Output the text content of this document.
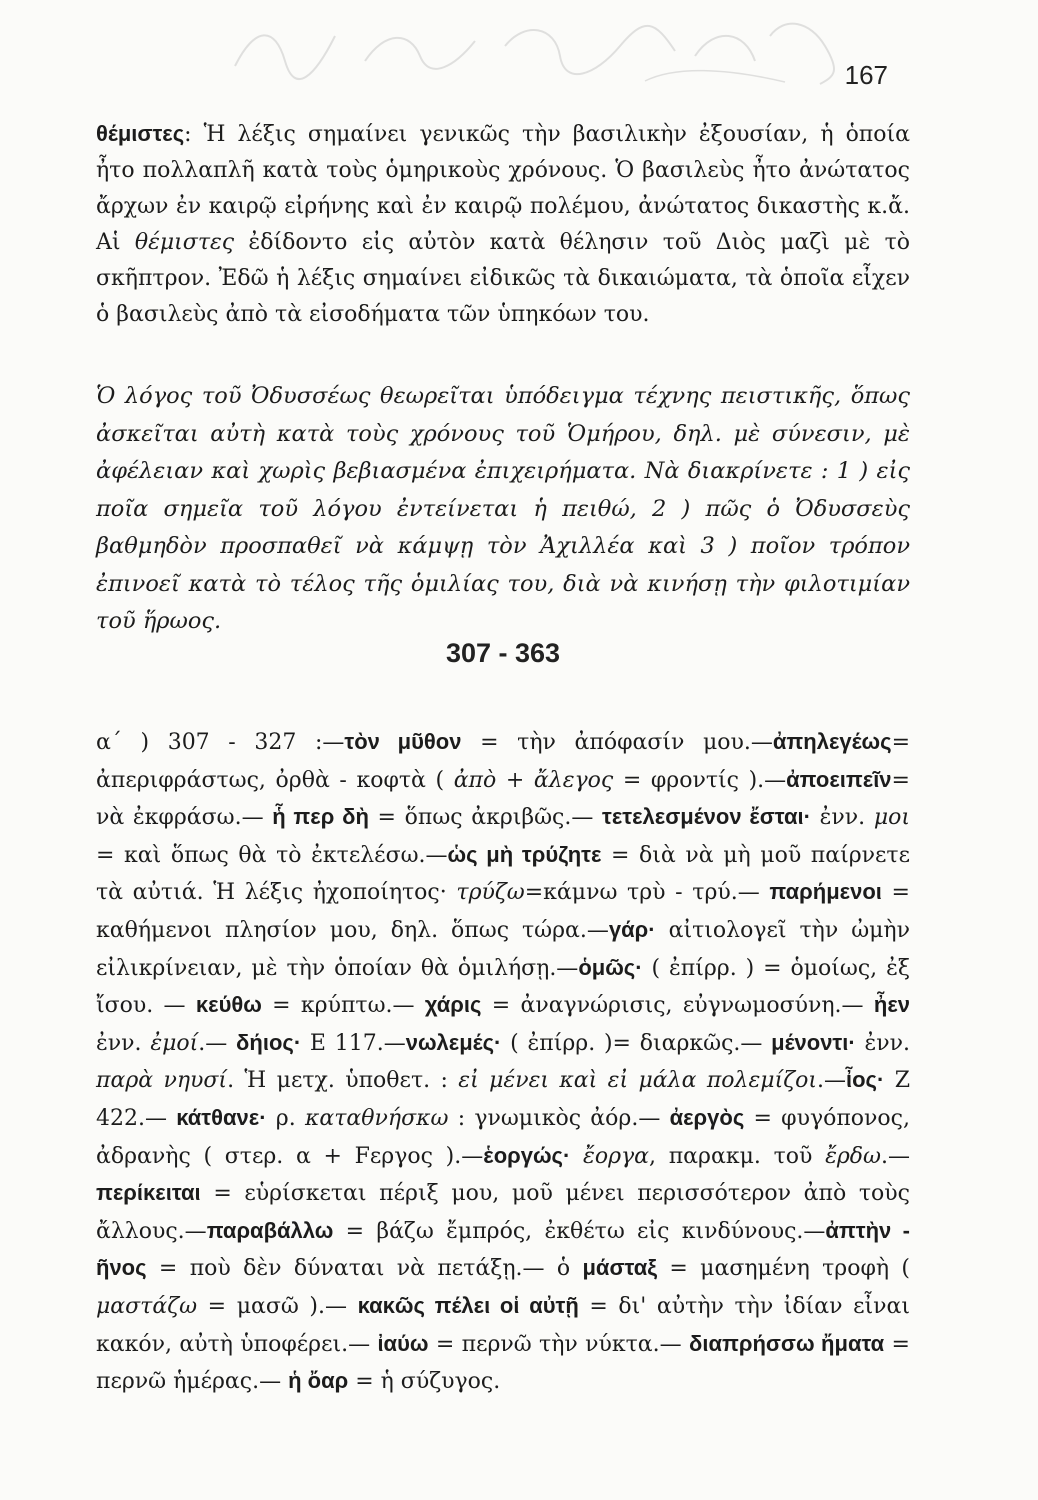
167
θέμιστες: Ἡ λέξις σημαίνει γενικῶς τὴν βασιλικὴν ἐξουσίαν, ἡ ὁποία ἦτο πολλαπλῆ κατὰ τοὺς ὁμηρικοὺς χρόνους. Ὁ βασιλεὺς ἦτο ἀνώτατος ἄρχων ἐν καιρῷ εἰρήνης καὶ ἐν καιρῷ πολέμου, ἀνώτατος δικαστὴς κ.ἄ. Αἱ θέμιστες ἐδίδοντο εἰς αὐτὸν κατὰ θέλησιν τοῦ Διὸς μαζὶ μὲ τὸ σκῆπτρον. Ἐδῶ ἡ λέξις σημαίνει εἰδικῶς τὰ δικαιώματα, τὰ ὁποῖα εἶχεν ὁ βασιλεὺς ἀπὸ τὰ εἰσοδήματα τῶν ὑπηκόων του.
Ὁ λόγος τοῦ Ὀδυσσέως θεωρεῖται ὑπόδειγμα τέχνης πειστικῆς, ὅπως ἀσκεῖται αὐτὴ κατὰ τοὺς χρόνους τοῦ Ὁμήρου, δηλ. μὲ σύνεσιν, μὲ ἀφέλειαν καὶ χωρὶς βεβιασμένα ἐπιχειρήματα. Νὰ διακρίνετε : 1 ) εἰς ποῖα σημεῖα τοῦ λόγου ἐντείνεται ἡ πειθώ, 2 ) πῶς ὁ Ὀδυσσεὺς βαθμηδὸν προσπαθεῖ νὰ κάμψῃ τὸν Ἀχιλλέα καὶ 3 ) ποῖον τρόπον ἐπινοεῖ κατὰ τὸ τέλος τῆς ὁμιλίας του, διὰ νὰ κινήσῃ τὴν φιλοτιμίαν τοῦ ἥρωος.
307 - 363
α΄ ) 307 - 327 :—τὸν μῦθον = τὴν ἀπόφασίν μου.—ἀπηλεγέως= ἀπεριφράστως, ὀρθὰ - κοφτὰ ( ἀπὸ + ἄλεγος = φροντίς ).—ἀποειπεῖν= νὰ ἐκφράσω.— ἧ περ δὴ = ὅπως ἀκριβῶς.— τετελεσμένον ἔσται· ἐνν. μοι = καὶ ὅπως θὰ τὸ ἐκτελέσω.—ὡς μὴ τρύζητε = διὰ νὰ μὴ μοῦ παίρνετε τὰ αὐτιά. Ἡ λέξις ἠχοποίητος· τρύζω=κάμνω τρὺ - τρύ.— παρήμενοι = καθήμενοι πλησίον μου, δηλ. ὅπως τώρα.—γάρ· αἰτιολογεῖ τὴν ὠμὴν εἰλικρίνειαν, μὲ τὴν ὁποίαν θὰ ὁμιλήσῃ.—ὁμῶς· ( ἐπίρρ. ) = ὁμοίως, ἐξ ἴσου. — κεύθω = κρύπτω.— χάρις = ἀναγνώρισις, εὐγνωμοσύνη.— ἦεν ἐνν. ἐμοί.— δήιος· Ε 117.—νωλεμές· ( ἐπίρρ. )= διαρκῶς.— μένοντι· ἐνν. παρὰ νηυσί. Ἡ μετχ. ὑποθετ. : εἰ μένει καὶ εἰ μάλα πολεμίζοι.—ἶος· Ζ 422.— κάτθανε· ρ. καταθνήσκω : γνωμικὸς ἀόρ.— ἀεργὸς = φυγόπονος, ἀδρανὴς ( στερ. α + Fεργος ).—ἑοργώς· ἔοργα, παρακμ. τοῦ ἔρδω.—περίκειται = εὑρίσκεται πέριξ μου, μοῦ μένει περισσότερον ἀπὸ τοὺς ἄλλους.—παραβάλλω = βάζω ἔμπρός, ἐκθέτω εἰς κινδύνους.—ἀπτὴν - ῆνος = ποὺ δὲν δύναται νὰ πετάξῃ.— ὁ μάσταξ = μασημένη τροφὴ ( μαστάζω = μασῶ ).— κακῶς πέλει οἱ αὐτῇ = δι' αὐτὴν τὴν ἰδίαν εἶναι κακόν, αὐτὴ ὑποφέρει.— ἰαύω = περνῶ τὴν νύκτα.— διαπρήσσω ἤματα = περνῶ ἡμέρας.— ἡ ὄαρ = ἡ σύζυγος.
